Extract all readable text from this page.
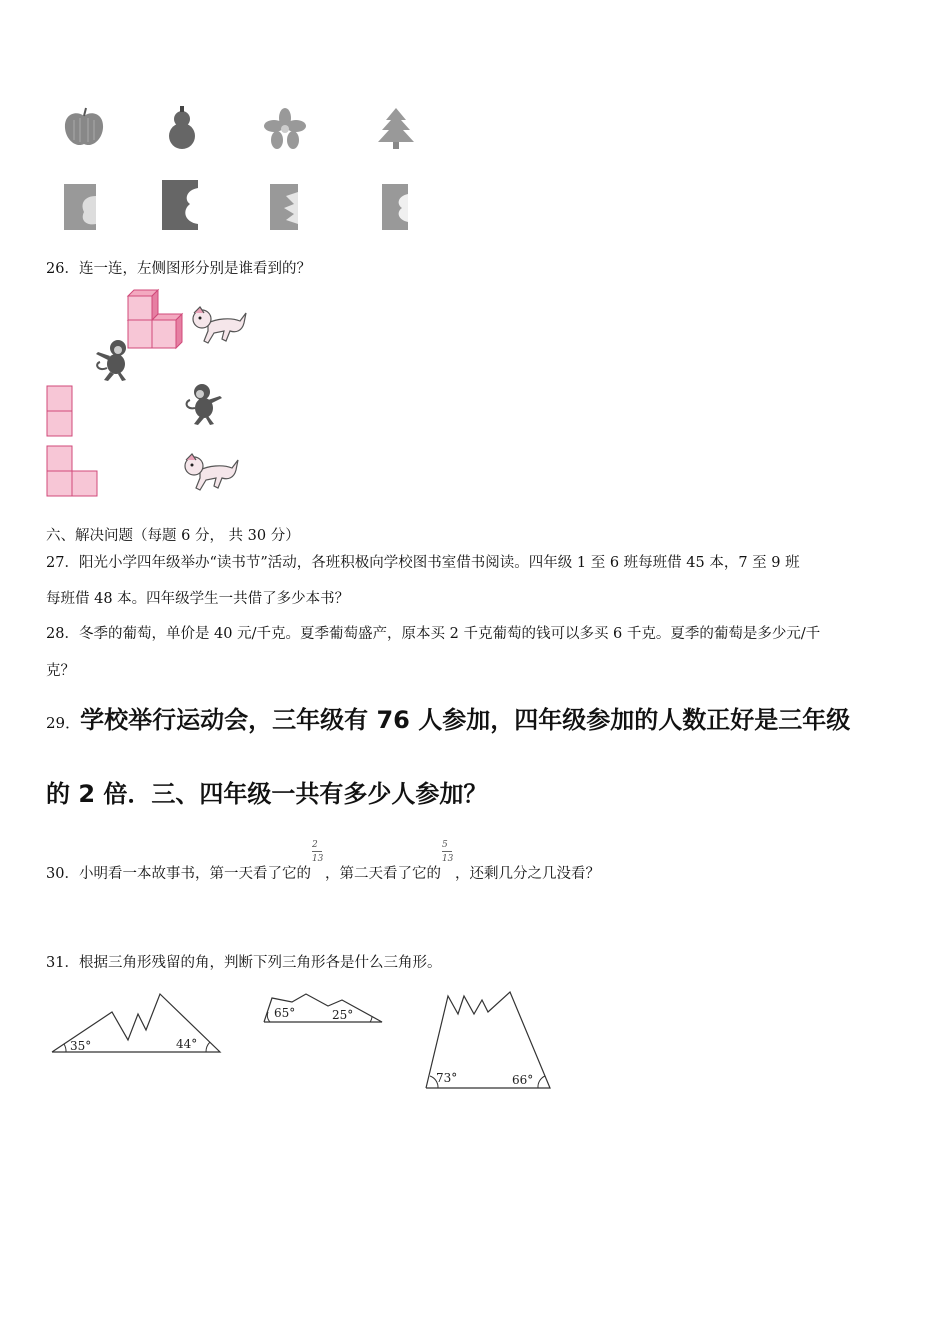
26．连一连，左侧图形分别是谁看到的？
六、解决问题（每题 6 分， 共 30 分）
27．阳光小学四年级举办“读书节”活动，各班积极向学校图书室借书阅读。四年级 1 至 6 班每班借 45 本，7 至 9 班
每班借 48 本。四年级学生一共借了多少本书？
28．冬季的葡萄，单价是 40 元/千克。夏季葡萄盛产，原本买 2 千克葡萄的钱可以多买 6 千克。夏季的葡萄是多少元/千
克？
29．学校举行运动会，三年级有 76 人参加，四年级参加的人数正好是三年级
的 2 倍．三、四年级一共有多少人参加？
30．小明看一本故事书，第一天看了它的 $\frac{2}{13}$ ，第二天看了它的 $\frac{5}{13}$ ，还剩几分之几没看？
31．根据三角形残留的角，判断下列三角形各是什么三角形。
35°	44°
65°	25°
73°	66°
